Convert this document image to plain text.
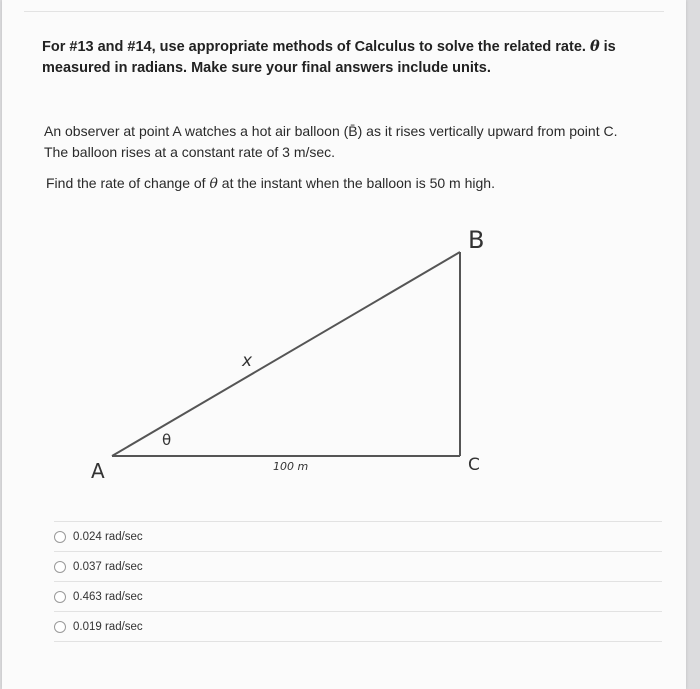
For #13 and #14, use appropriate methods of Calculus to solve the related rate. θ is measured in radians. Make sure your final answers include units.
An observer at point A watches a hot air balloon (B̄) as it rises vertically upward from point C. The balloon rises at a constant rate of 3 m/sec.
Find the rate of change of θ at the instant when the balloon is 50 m high.
A
B
C
x
θ
100 m
0.024 rad/sec
0.037 rad/sec
0.463 rad/sec
0.019 rad/sec
